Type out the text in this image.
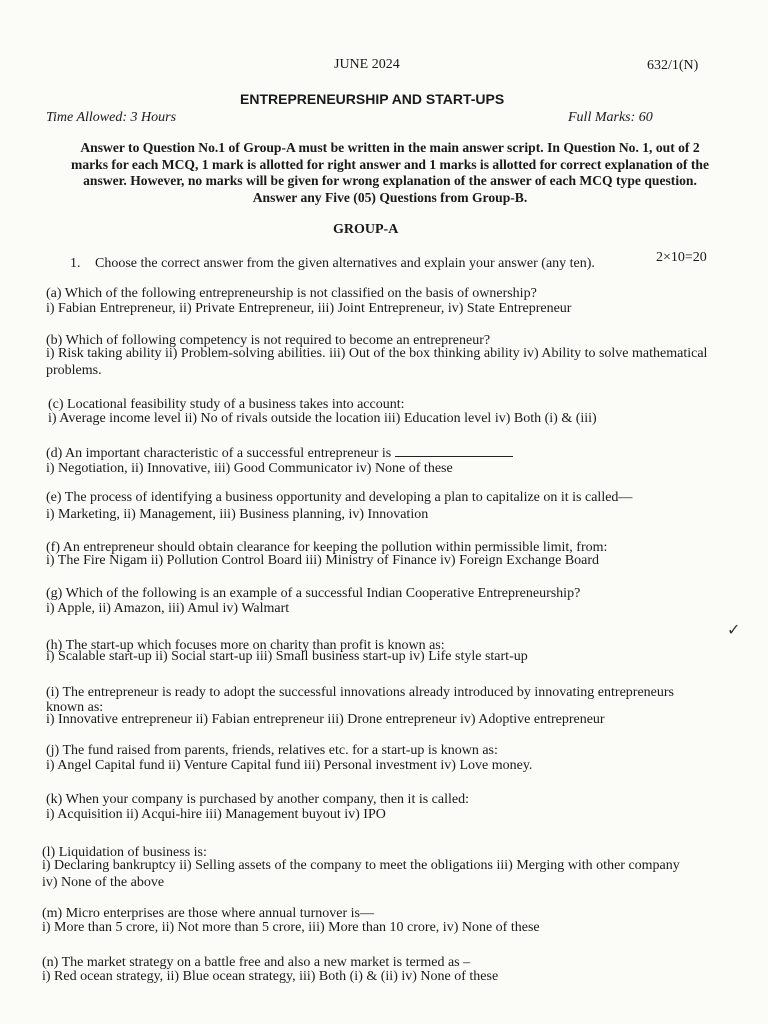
JUNE 2024	632/1(N)
ENTREPRENEURSHIP AND START-UPS
Time Allowed: 3 Hours	Full Marks: 60
Answer to Question No.1 of Group-A must be written in the main answer script. In Question No. 1, out of 2
marks for each MCQ, 1 mark is allotted for right answer and 1 marks is allotted for correct explanation of the
answer. However, no marks will be given for wrong explanation of the answer of each MCQ type question.
Answer any Five (05) Questions from Group-B.
GROUP-A
1. Choose the correct answer from the given alternatives and explain your answer (any ten).	2×10=20
(a) Which of the following entrepreneurship is not classified on the basis of ownership?
i) Fabian Entrepreneur, ii) Private Entrepreneur, iii) Joint Entrepreneur, iv) State Entrepreneur
(b) Which of following competency is not required to become an entrepreneur?
i) Risk taking ability ii) Problem-solving abilities. iii) Out of the box thinking ability iv) Ability to solve mathematical
problems.
(c) Locational feasibility study of a business takes into account:
i) Average income level ii) No of rivals outside the location iii) Education level iv) Both (i) & (iii)
(d) An important characteristic of a successful entrepreneur is
i) Negotiation, ii) Innovative, iii) Good Communicator iv) None of these
(e) The process of identifying a business opportunity and developing a plan to capitalize on it is called—
i) Marketing, ii) Management, iii) Business planning, iv) Innovation
(f) An entrepreneur should obtain clearance for keeping the pollution within permissible limit, from:
i) The Fire Nigam ii) Pollution Control Board iii) Ministry of Finance iv) Foreign Exchange Board
(g) Which of the following is an example of a successful Indian Cooperative Entrepreneurship?
i) Apple, ii) Amazon, iii) Amul iv) Walmart
✓
(h) The start-up which focuses more on charity than profit is known as:
i) Scalable start-up ii) Social start-up iii) Small business start-up iv) Life style start-up
(i) The entrepreneur is ready to adopt the successful innovations already introduced by innovating entrepreneurs
known as:
i) Innovative entrepreneur ii) Fabian entrepreneur iii) Drone entrepreneur iv) Adoptive entrepreneur
(j) The fund raised from parents, friends, relatives etc. for a start-up is known as:
i) Angel Capital fund ii) Venture Capital fund iii) Personal investment iv) Love money.
(k) When your company is purchased by another company, then it is called:
i) Acquisition ii) Acqui-hire iii) Management buyout iv) IPO
(l) Liquidation of business is:
i) Declaring bankruptcy ii) Selling assets of the company to meet the obligations iii) Merging with other company
iv) None of the above
(m) Micro enterprises are those where annual turnover is—
i) More than 5 crore, ii) Not more than 5 crore, iii) More than 10 crore, iv) None of these
(n) The market strategy on a battle free and also a new market is termed as –
i) Red ocean strategy, ii) Blue ocean strategy, iii) Both (i) & (ii) iv) None of these
